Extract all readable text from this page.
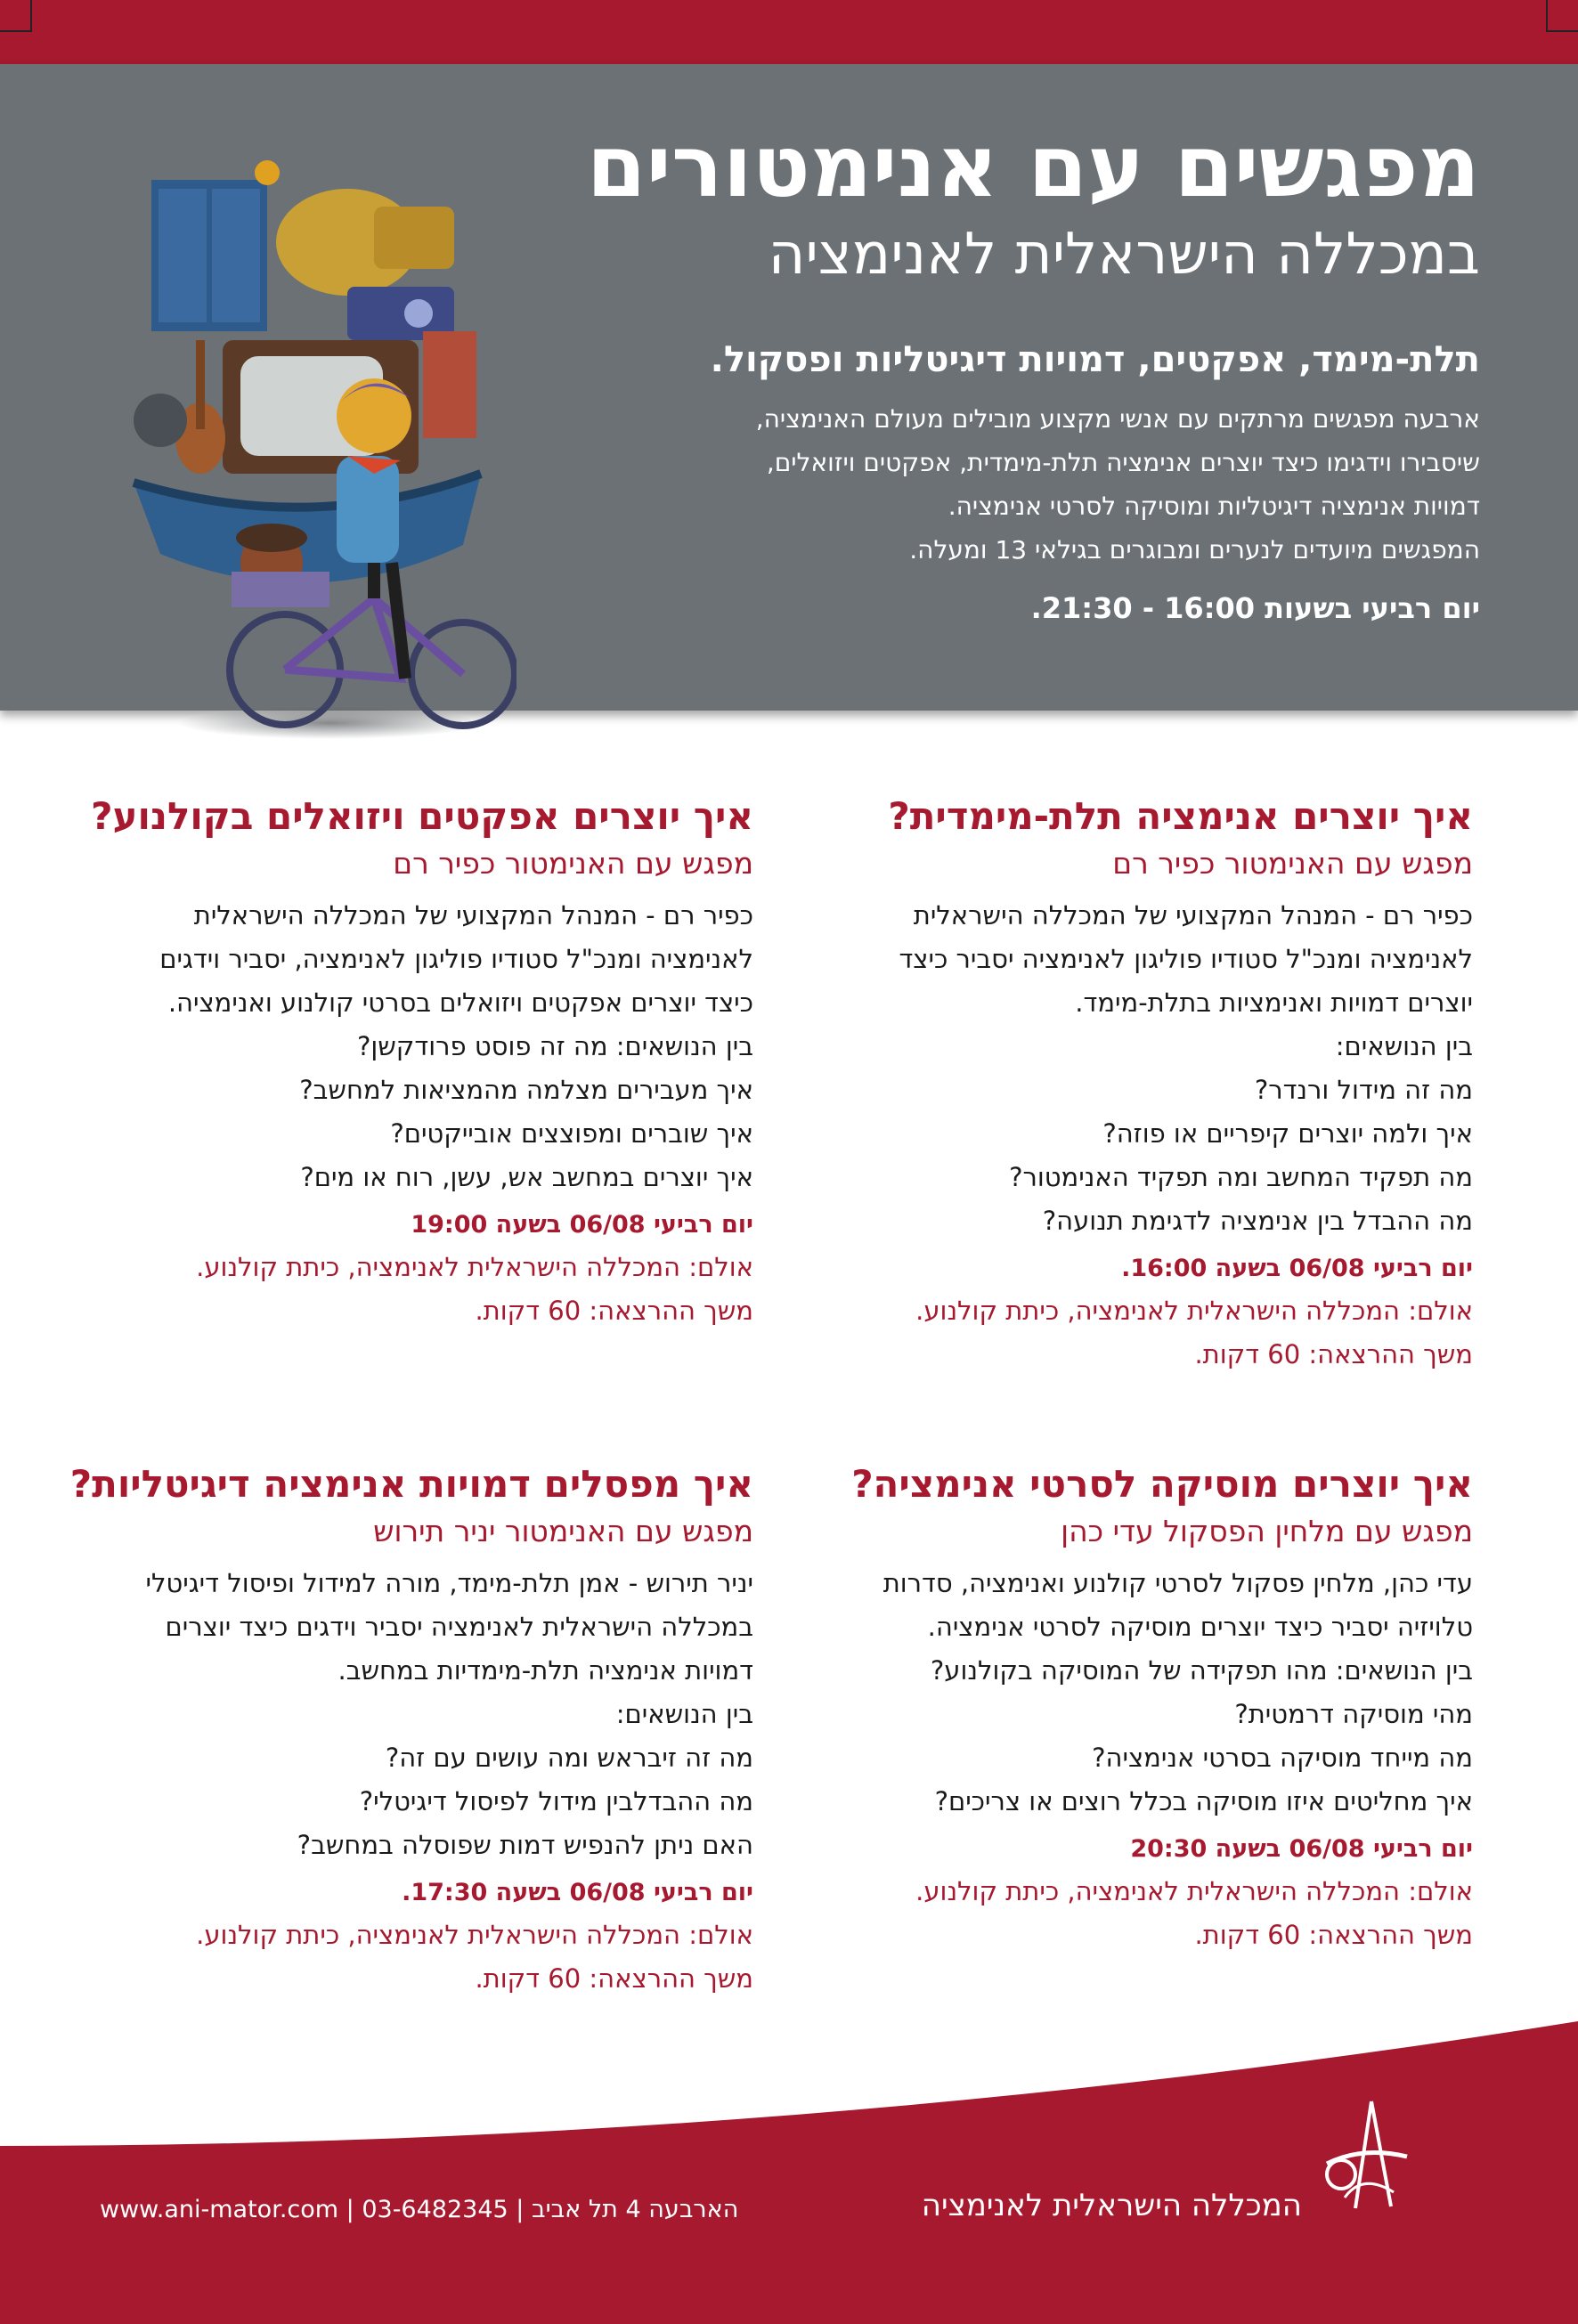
מפגשים עם אנימטורים
במכללה הישראלית לאנימציה

תלת-מימד, אפקטים, דמויות דיגיטליות ופסקול.

ארבעה מפגשים מרתקים עם אנשי מקצוע מובילים מעולם האנימציה,

שיסבירו וידגימו כיצד יוצרים אנימציה תלת-מימדית, אפקטים ויזואלים,

דמויות אנימציה דיגיטליות ומוסיקה לסרטי אנימציה.

המפגשים מיועדים לנערים ומבוגרים בגילאי 13 ומעלה.

יום רביעי בשעות 16:00 - 21:30.

איך יוצרים אנימציה תלת-מימדית?

מפגש עם האנימטור כפיר רם

כפיר רם - המנהל המקצועי של המכללה הישראלית

לאנימציה ומנכ"ל סטודיו פוליגון לאנימציה יסביר כיצד

יוצרים דמויות ואנימציות בתלת-מימד.

בין הנושאים:

מה זה מידול ורנדר?

איך ולמה יוצרים קיפריים או פוזה?

מה תפקיד המחשב ומה תפקיד האנימטור?

מה ההבדל בין אנימציה לדגימת תנועה?

יום רביעי 06/08 בשעה 16:00.

אולם: המכללה הישראלית לאנימציה, כיתת קולנוע.

משך ההרצאה: 60 דקות.

איך יוצרים אפקטים ויזואלים בקולנוע?

מפגש עם האנימטור כפיר רם

כפיר רם - המנהל המקצועי של המכללה הישראלית

לאנימציה ומנכ"ל סטודיו פוליגון לאנימציה, יסביר וידגים

כיצד יוצרים אפקטים ויזואלים בסרטי קולנוע ואנימציה.

בין הנושאים: מה זה פוסט פרודקשן?

איך מעבירים מצלמה מהמציאות למחשב?

איך שוברים ומפוצצים אובייקטים?

איך יוצרים במחשב אש, עשן, רוח או מים?

יום רביעי 06/08 בשעה 19:00

אולם: המכללה הישראלית לאנימציה, כיתת קולנוע.

משך ההרצאה: 60 דקות.

איך יוצרים מוסיקה לסרטי אנימציה?

מפגש עם מלחין הפסקול עדי כהן

עדי כהן, מלחין פסקול לסרטי קולנוע ואנימציה, סדרות

טלויזיה יסביר כיצד יוצרים מוסיקה לסרטי אנימציה.

בין הנושאים: מהו תפקידה של המוסיקה בקולנוע?

מהי מוסיקה דרמטית?

מה מייחד מוסיקה בסרטי אנימציה?

איך מחליטים איזו מוסיקה בכלל רוצים או צריכים?

יום רביעי 06/08 בשעה 20:30

אולם: המכללה הישראלית לאנימציה, כיתת קולנוע.

משך ההרצאה: 60 דקות.

איך מפסלים דמויות אנימציה דיגיטליות?

מפגש עם האנימטור יניר תירוש

יניר תירוש - אמן תלת-מימד, מורה למידול ופיסול דיגיטלי

במכללה הישראלית לאנימציה יסביר וידגים כיצד יוצרים

דמויות אנימציה תלת-מימדיות במחשב.

בין הנושאים:

מה זה זיבראש ומה עושים עם זה?

מה ההבדלבין מידול לפיסול דיגיטלי?

האם ניתן להנפיש דמות שפוסלה במחשב?

יום רביעי 06/08 בשעה 17:30.

אולם: המכללה הישראלית לאנימציה, כיתת קולנוע.

משך ההרצאה: 60 דקות.

המכללה הישראלית לאנימציה
www.ani-mator.com | 03-6482345 | הארבעה 4 תל אביב
